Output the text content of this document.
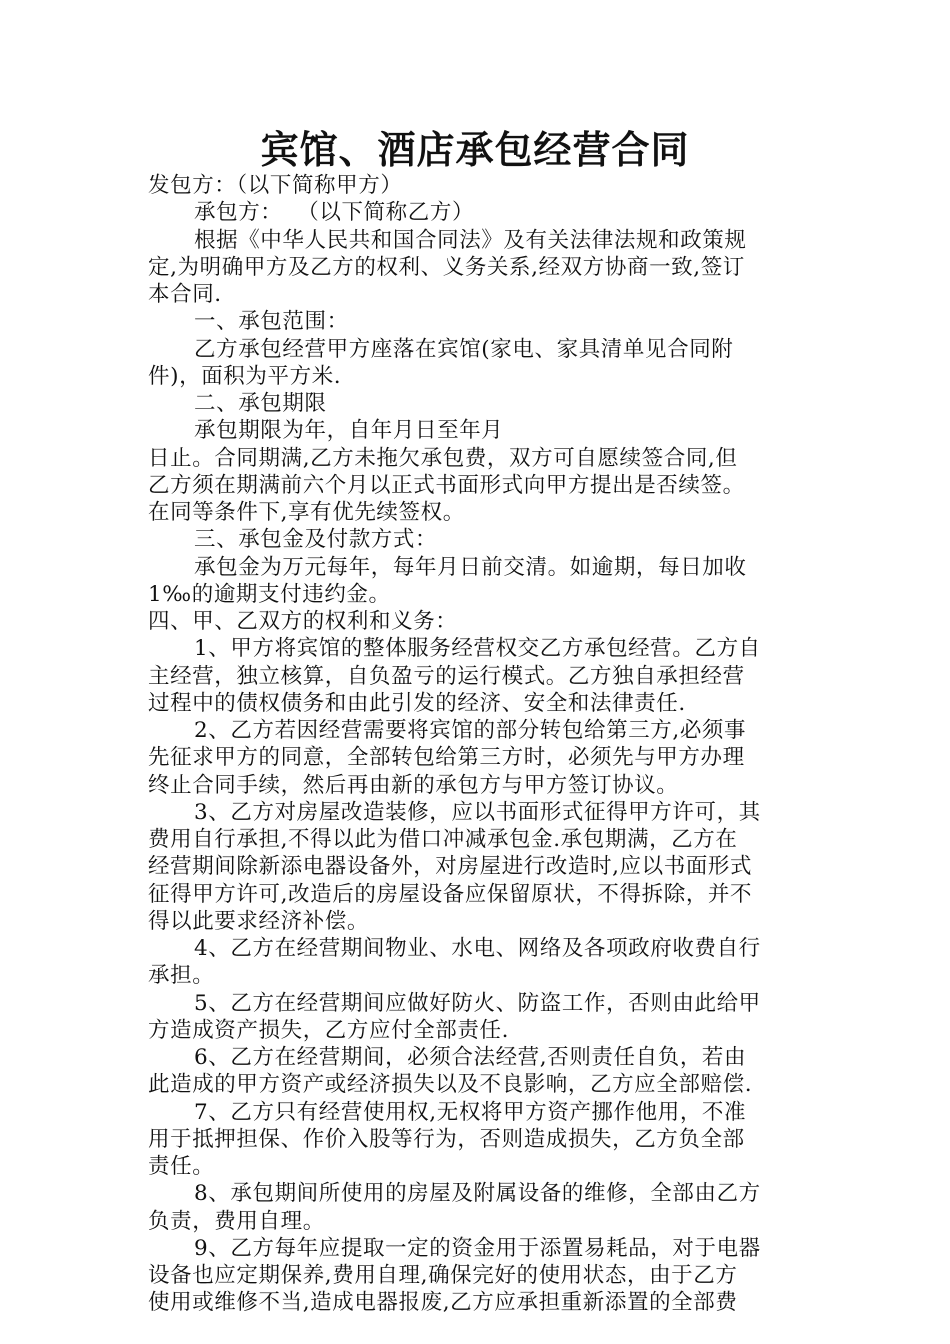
宾馆、酒店承包经营合同

发包方：（以下简称甲方）

承包方：  （以下简称乙方）

根据《中华人民共和国合同法》及有关法律法规和政策规

定,为明确甲方及乙方的权利、义务关系,经双方协商一致,签订

本合同.

一、承包范围：

乙方承包经营甲方座落在宾馆(家电、家具清单见合同附

件)，面积为平方米.

二、承包期限

承包期限为年，自年月日至年月

日止。合同期满,乙方未拖欠承包费，双方可自愿续签合同,但

乙方须在期满前六个月以正式书面形式向甲方提出是否续签。

在同等条件下,享有优先续签权。

三、承包金及付款方式：

承包金为万元每年，每年月日前交清。如逾期，每日加收

1‰的逾期支付违约金。

四、甲、乙双方的权利和义务：

1、甲方将宾馆的整体服务经营权交乙方承包经营。乙方自

主经营，独立核算，自负盈亏的运行模式。乙方独自承担经营

过程中的债权债务和由此引发的经济、安全和法律责任.

2、乙方若因经营需要将宾馆的部分转包给第三方,必须事

先征求甲方的同意，全部转包给第三方时，必须先与甲方办理

终止合同手续，然后再由新的承包方与甲方签订协议。

3、乙方对房屋改造装修，应以书面形式征得甲方许可，其

费用自行承担,不得以此为借口冲减承包金.承包期满，乙方在

经营期间除新添电器设备外，对房屋进行改造时,应以书面形式

征得甲方许可,改造后的房屋设备应保留原状，不得拆除，并不

得以此要求经济补偿。

4、乙方在经营期间物业、水电、网络及各项政府收费自行

承担。

5、乙方在经营期间应做好防火、防盗工作，否则由此给甲

方造成资产损失，乙方应付全部责任.

6、乙方在经营期间，必须合法经营,否则责任自负，若由

此造成的甲方资产或经济损失以及不良影响，乙方应全部赔偿.

7、乙方只有经营使用权,无权将甲方资产挪作他用，不准

用于抵押担保、作价入股等行为，否则造成损失，乙方负全部

责任。

8、承包期间所使用的房屋及附属设备的维修，全部由乙方

负责，费用自理。

9、乙方每年应提取一定的资金用于添置易耗品，对于电器

设备也应定期保养,费用自理,确保完好的使用状态，由于乙方

使用或维修不当,造成电器报废,乙方应承担重新添置的全部费
